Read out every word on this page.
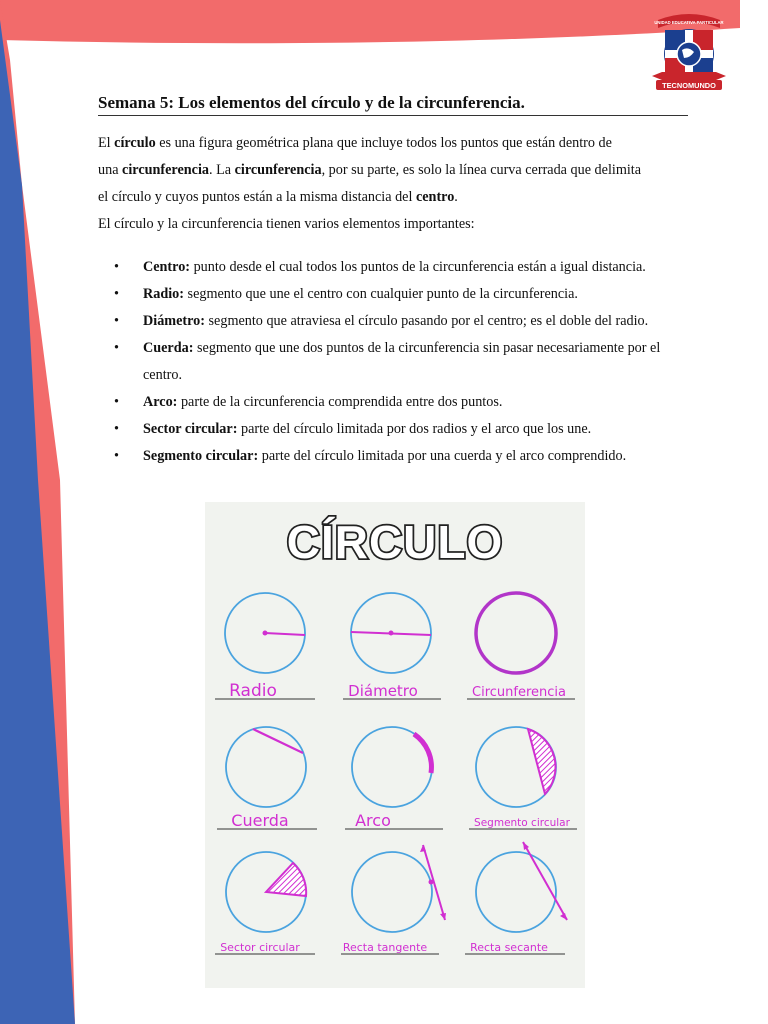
UNIDAD EDUCATIVA PARTICULAR
TECNOMUNDO
Semana 5: Los elementos del círculo y de la circunferencia.

El círculo es una figura geométrica plana que incluye todos los puntos que están dentro de

una circunferencia. La circunferencia, por su parte, es solo la línea curva cerrada que delimita

el círculo y cuyos puntos están a la misma distancia del centro.

El círculo y la circunferencia tienen varios elementos importantes:

• Centro: punto desde el cual todos los puntos de la circunferencia están a igual distancia.
• Radio: segmento que une el centro con cualquier punto de la circunferencia.
• Diámetro: segmento que atraviesa el círculo pasando por el centro; es el doble del radio.
• Cuerda: segmento que une dos puntos de la circunferencia sin pasar necesariamente por el centro.
• Arco: parte de la circunferencia comprendida entre dos puntos.
• Sector circular: parte del círculo limitada por dos radios y el arco que los une.
• Segmento circular: parte del círculo limitada por una cuerda y el arco comprendido.
CÍRCULO
Radio	Diámetro	Circunferencia
Cuerda	Arco	Segmento circular
Sector circular	Recta tangente	Recta secante
